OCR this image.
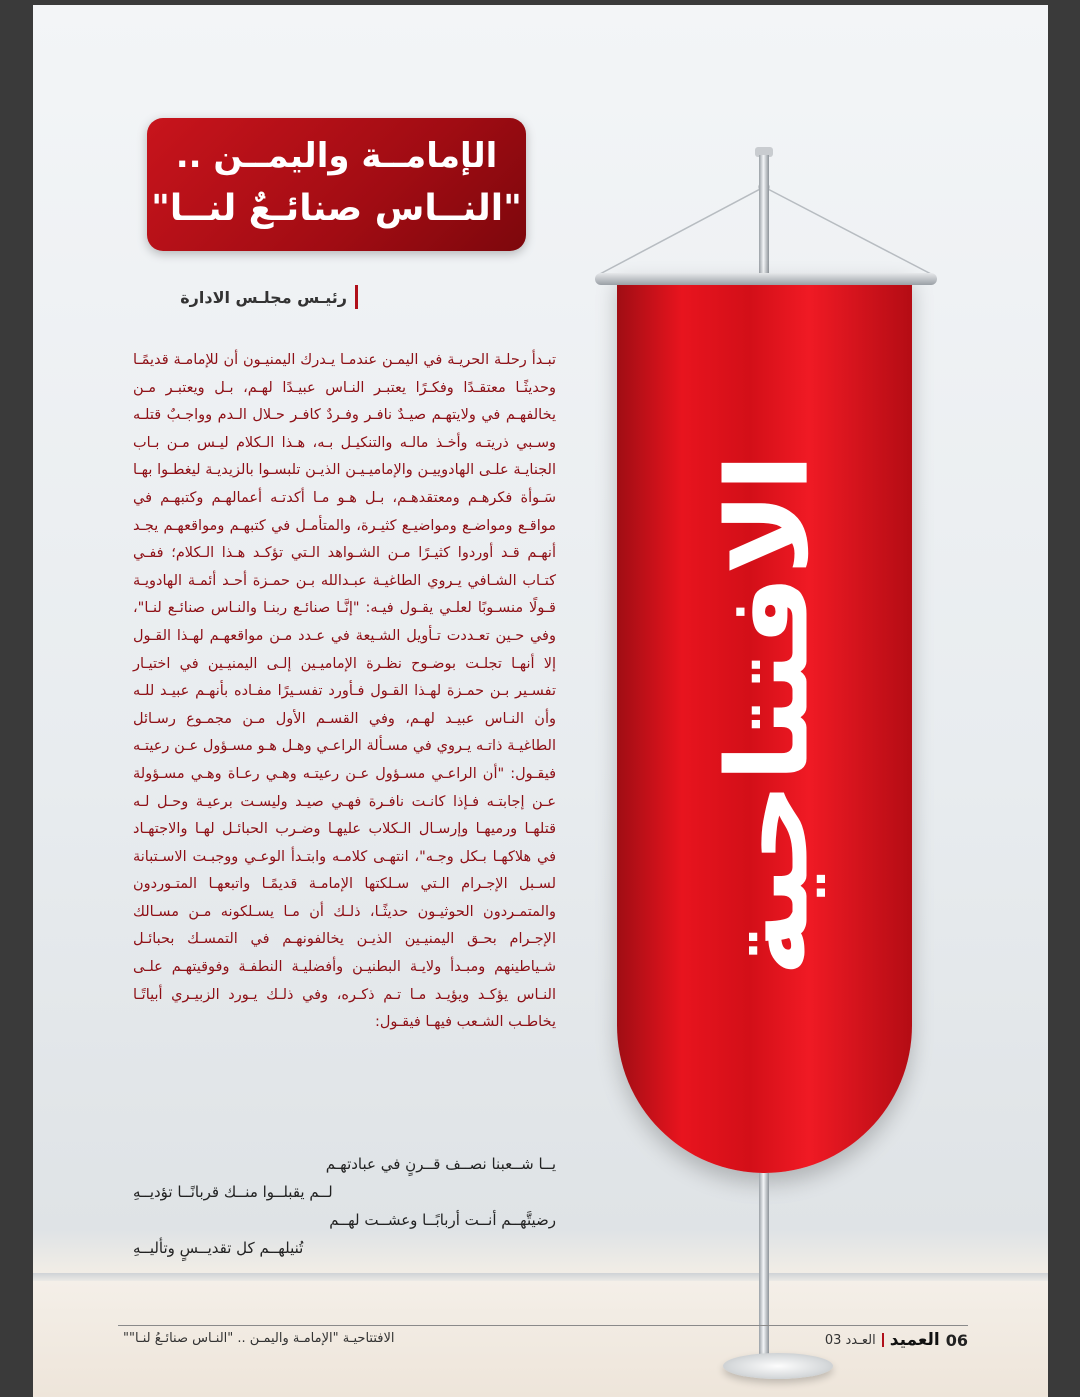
الإمامــة واليمــن ..
"النــاس صنائـعٌ لنــا"
رئيـس مجلـس الادارة
تبـدأ رحلـة الحريـة في اليمـن عندمـا يـدرك اليمنيـون أن للإمامـة قديمًـا وحديثًـا معتقـدًا وفكـرًا يعتبـر النـاس عبيـدًا لهـم، بـل ويعتبـر مـن يخالفهـم في ولايتهـم صيـدٌ نافـر وفـردٌ كافـر حـلال الـدم وواجـبٌ قتلـه وسـبي ذريتـه وأخـذ مالـه والتنكيـل بـه، هـذا الـكلام ليـس مـن بـاب الجنايـة علـى الهادوييـن والإماميـيـن الذيـن تلبسـوا بالزيديـة ليغطـوا بهـا سَـوأة فكرهـم ومعتقدهـم، بـل هـو مـا أكدتـه أعمالهـم وكتبهـم في مواقـع ومواضـع ومواضيـع كثيـرة، والمتأمـل في كتبهـم ومواقعهـم يجـد أنهـم قـد أوردوا كثيـرًا مـن الشـواهد الـتي تؤكـد هـذا الـكلام؛ ففـي كتـاب الشـافي يـروي الطاغيـة عبـدالله بـن حمـزة أحـد أئمـة الهادويـة قـولًا منسـوبًا لعلـي يقـول فيـه: "إنَّـا صنائـع ربنـا والنـاس صنائـع لنـا"، وفي حـين تعـددت تـأويل الشـيعة في عـدد مـن مواقعهـم لهـذا القـول إلا أنهـا تجلـت بوضـوح نظـرة الإماميـين إلـى اليمنيـين في اختيـار تفسـير بـن حمـزة لهـذا القـول فـأورد تفسـيرًا مفـاده بأنهـم عبيـد للـه وأن النـاس عبيـد لهـم، وفي القسـم الأول مـن مجمـوع رسـائل الطاغيـة ذاتـه يـروي في مسـألة الراعـي وهـل هـو مسـؤول عـن رعيتـه فيقـول: "أن الراعـي مسـؤول عـن رعيتـه وهـي رعـاة وهـي مسـؤولة عـن إجابتـه فـإذا كانـت نافـرة فهـي صيـد وليسـت برعيـة وحـل لـه قتلهـا ورميهـا وإرسـال الـكلاب عليهـا وضـرب الحبائـل لهـا والاجتهـاد في هلاكهـا بـكل وجـه"، انتهـى كلامـه وابتـدأ الوعـي ووجبـت الاسـتبانة لسـبل الإجـرام الـتي سـلكتها الإمامـة قديمًـا واتبعهـا المتـوردون والمتمـردون الحوثيـون حديثًـا، ذلـك أن مـا يسـلكونه مـن مسـالك الإجـرام بحـق اليمنيـين الذيـن يخالفونهـم في التمسـك بحبائـل شـياطينهم ومبـدأ ولايـة البطنيـن وأفضليـة النطفـة وفوقيتهـم علـى النـاس يؤكـد ويؤيـد مـا تـم ذكـره، وفي ذلـك يـورد الزبيـري أبياتًـا يخاطـب الشـعب فيهـا فيقـول:
يــا شــعبنا نصــف قــرنٍ في عبادتهـم
لــم يقبلــوا منــك قربانًــا تؤديــهِ
رضيتَّهــم أنــت أربابًــا وعشــت لهــم
تُنيلهــم كل تقديــسٍ وتأليــهِ
الافتتاحية
الافتتاحيـة "الإمامـة واليمـن .. "النـاس صنائـعُ لنـا""	06
العميد
العـدد 03
